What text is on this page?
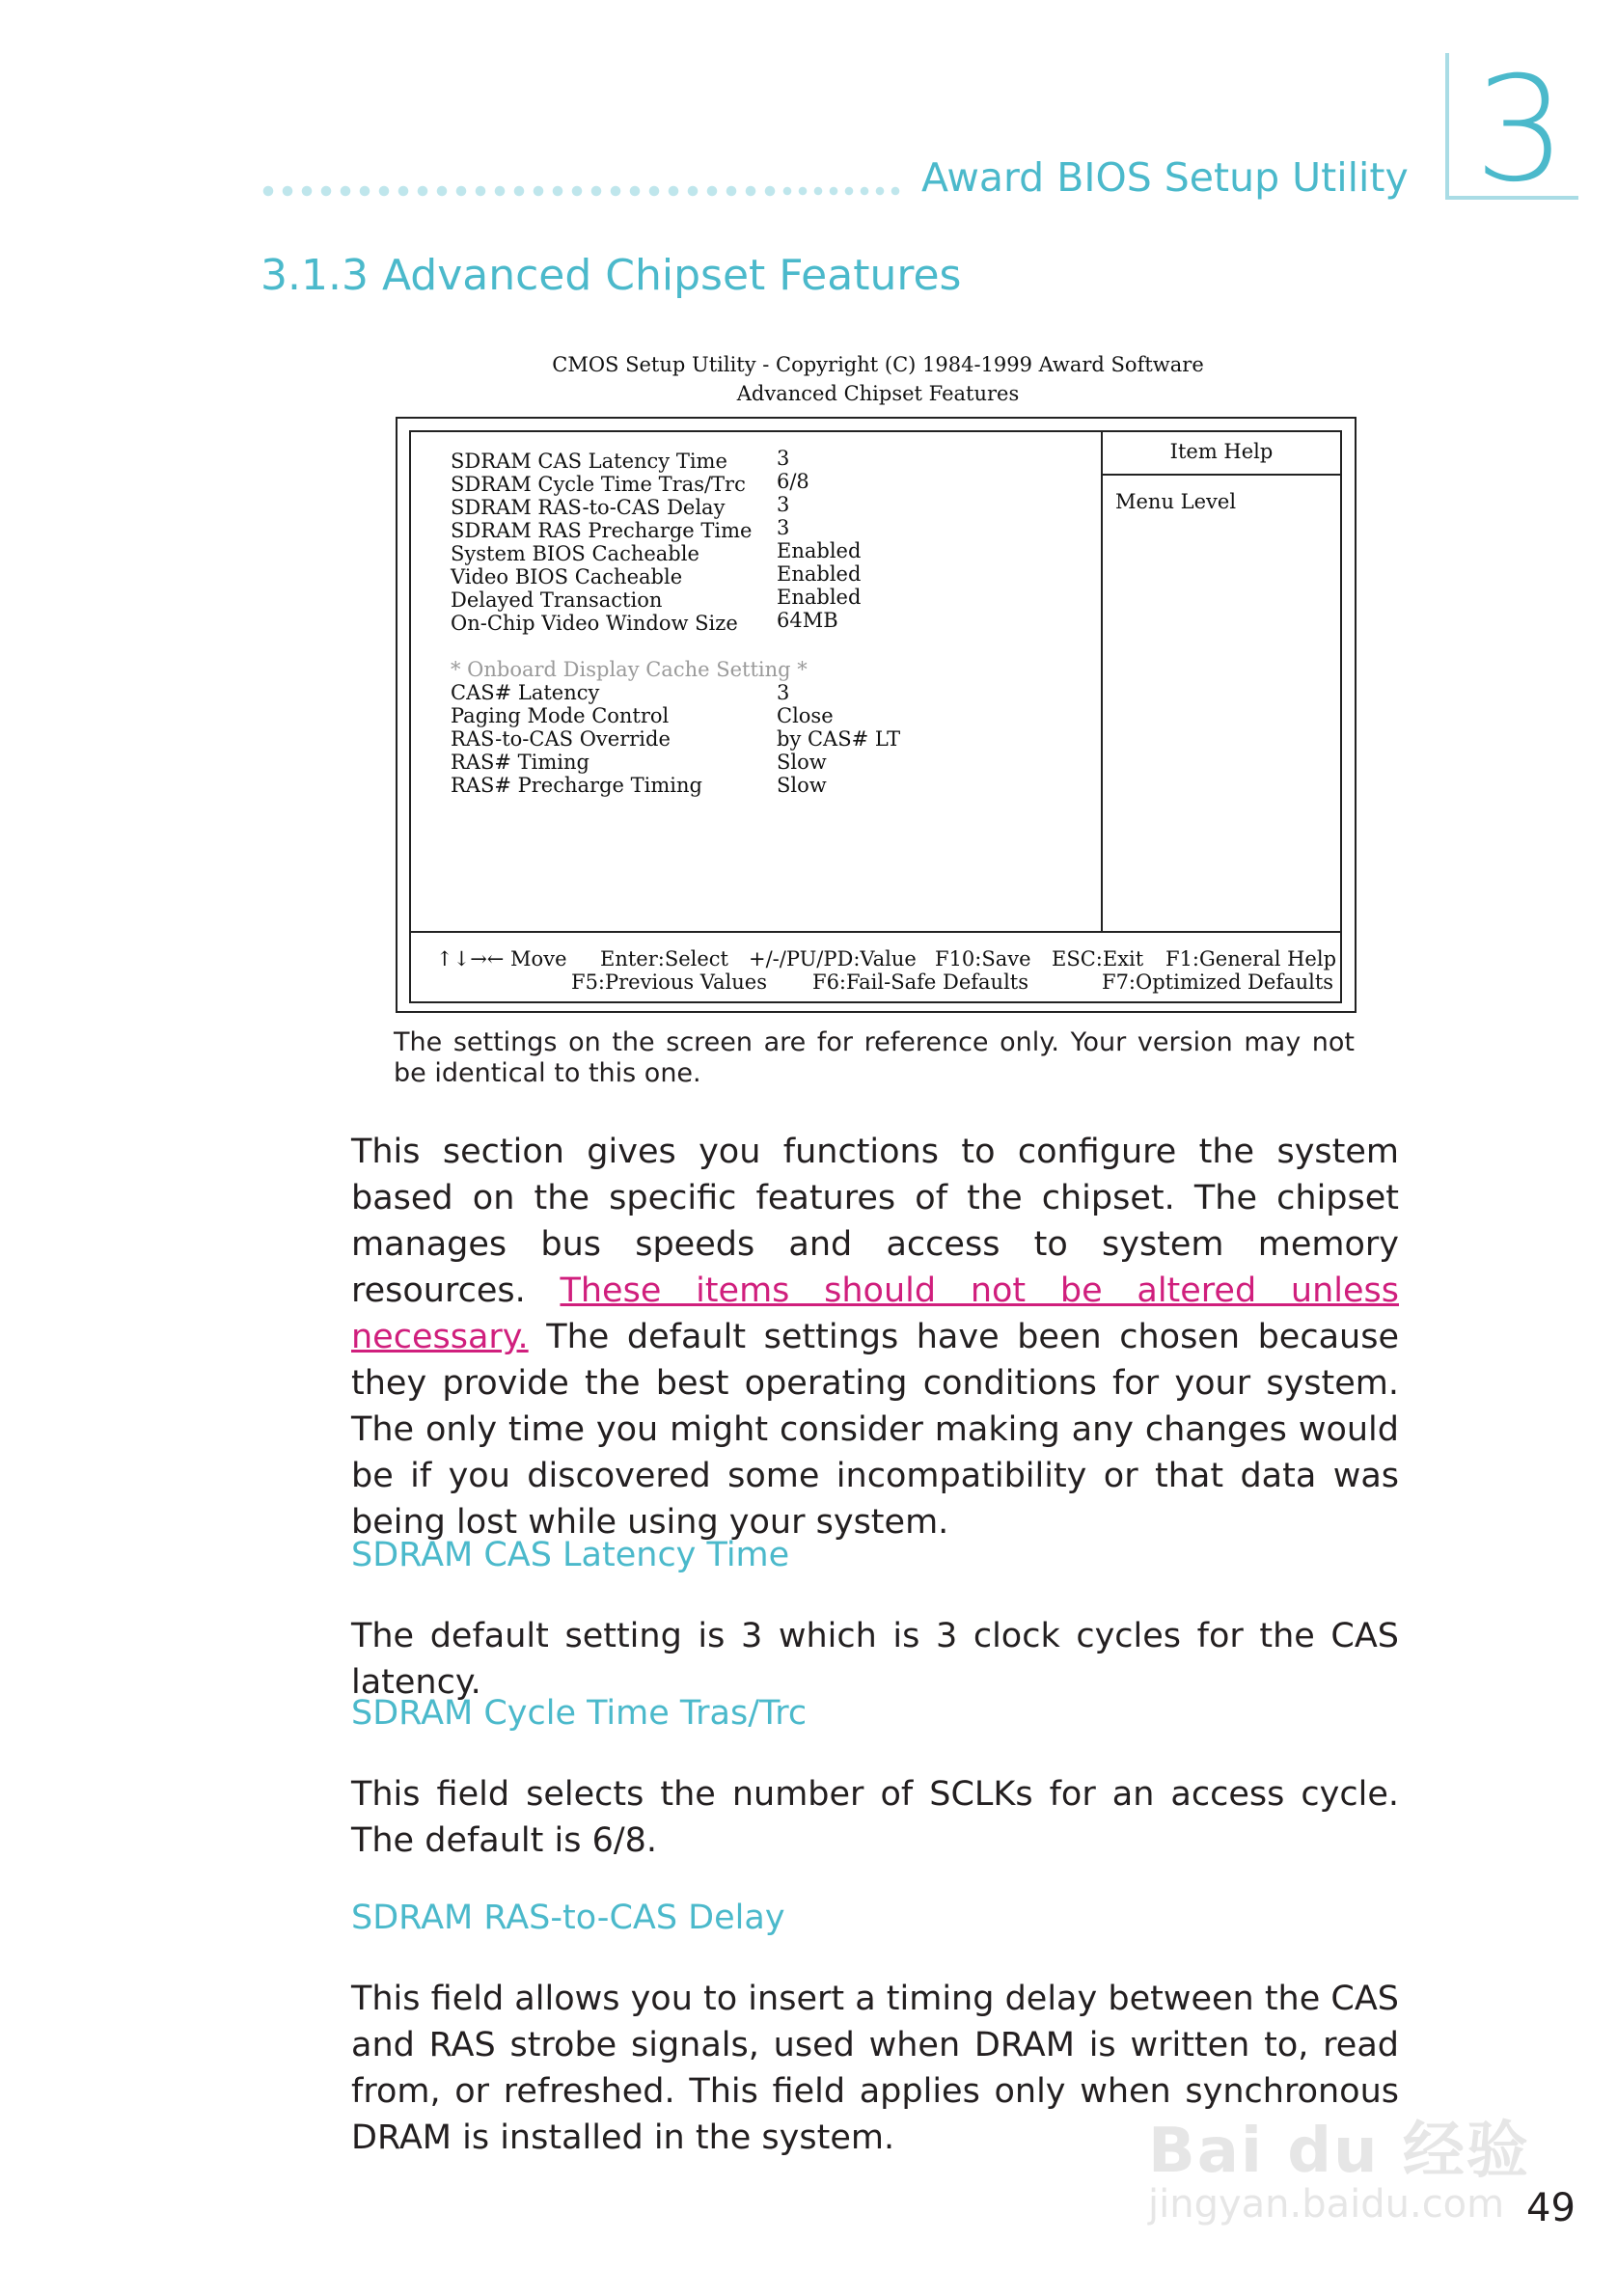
Award BIOS Setup Utility 3
3.1.3 Advanced Chipset Features
CMOS Setup Utility - Copyright (C) 1984-1999 Award Software
Advanced Chipset Features
SDRAM CAS Latency Time 3
SDRAM Cycle Time Tras/Trc 6/8
SDRAM RAS-to-CAS Delay	3
SDRAM RAS Precharge Time 3
System BIOS Cacheable	Enabled
Video BIOS Cacheable	Enabled
Delayed Transaction	Enabled
On-Chip Video Window Size 64MB
* Onboard Display Cache Setting *
CAS# Latency	3
Paging Mode Control	Close
RAS-to-CAS Override	by CAS# LT
RAS# Timing	Slow
RAS# Precharge Timing	Slow
Item Help
Menu Level
↑↓→← Move Enter:Select +/-/PU/PD:Value F10:Save ESC:Exit F1:General Help
F5:Previous Values F6:Fail-Safe Defaults	F7:Optimized Defaults
The settings on the screen are for reference only. Your version may not be identical to this one.
This section gives you functions to configure the system based on the specific features of the chipset. The chipset manages bus speeds and access to system memory resources. These items should not be altered unless necessary. The default settings have been chosen because they provide the best operating conditions for your system. The only time you might consider making any changes would be if you discovered some incompatibility or that data was being lost while using your system.
SDRAM CAS Latency Time
The default setting is 3 which is 3 clock cycles for the CAS latency.
SDRAM Cycle Time Tras/Trc
This field selects the number of SCLKs for an access cycle. The default is 6/8.
SDRAM RAS-to-CAS Delay
This field allows you to insert a timing delay between the CAS and RAS strobe signals, used when DRAM is written to, read from, or refreshed. This field applies only when synchronous DRAM is installed in the system.	Bai du 经验
jingyan.baidu.com 49
